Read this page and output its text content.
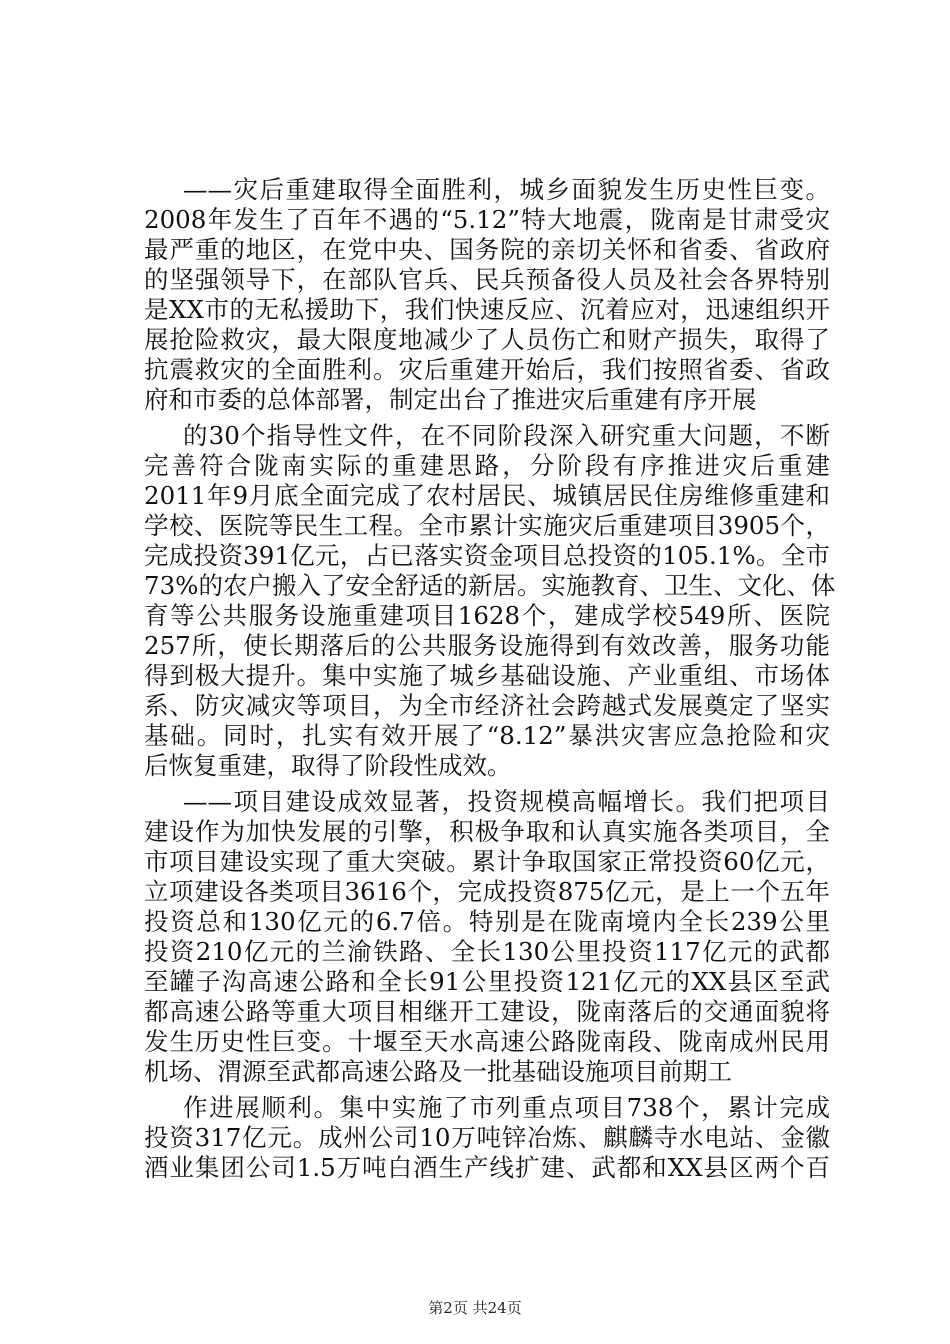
——灾后重建取得全面胜利，城乡面貌发生历史性巨变。
2008年发生了百年不遇的“5.12”特大地震，陇南是甘肃受灾
最严重的地区，在党中央、国务院的亲切关怀和省委、省政府
的坚强领导下，在部队官兵、民兵预备役人员及社会各界特别
是XX市的无私援助下，我们快速反应、沉着应对，迅速组织开
展抢险救灾，最大限度地减少了人员伤亡和财产损失，取得了
抗震救灾的全面胜利。灾后重建开始后，我们按照省委、省政
府和市委的总体部署，制定出台了推进灾后重建有序开展
的30个指导性文件，在不同阶段深入研究重大问题，不断
完善符合陇南实际的重建思路，分阶段有序推进灾后重建
2011年9月底全面完成了农村居民、城镇居民住房维修重建和
学校、医院等民生工程。全市累计实施灾后重建项目3905个，
完成投资391亿元，占已落实资金项目总投资的105.1%。全市
73%的农户搬入了安全舒适的新居。实施教育、卫生、文化、体
育等公共服务设施重建项目1628个，建成学校549所、医院
257所，使长期落后的公共服务设施得到有效改善，服务功能
得到极大提升。集中实施了城乡基础设施、产业重组、市场体
系、防灾减灾等项目，为全市经济社会跨越式发展奠定了坚实
基础。同时，扎实有效开展了“8.12”暴洪灾害应急抢险和灾
后恢复重建，取得了阶段性成效。
——项目建设成效显著，投资规模高幅增长。我们把项目
建设作为加快发展的引擎，积极争取和认真实施各类项目，全
市项目建设实现了重大突破。累计争取国家正常投资60亿元，
立项建设各类项目3616个，完成投资875亿元，是上一个五年
投资总和130亿元的6.7倍。特别是在陇南境内全长239公里
投资210亿元的兰渝铁路、全长130公里投资117亿元的武都
至罐子沟高速公路和全长91公里投资121亿元的XX县区至武
都高速公路等重大项目相继开工建设，陇南落后的交通面貌将
发生历史性巨变。十堰至天水高速公路陇南段、陇南成州民用
机场、渭源至武都高速公路及一批基础设施项目前期工
作进展顺利。集中实施了市列重点项目738个，累计完成
投资317亿元。成州公司10万吨锌冶炼、麒麟寺水电站、金徽
酒业集团公司1.5万吨白酒生产线扩建、武都和XX县区两个百
第2页 共24页
